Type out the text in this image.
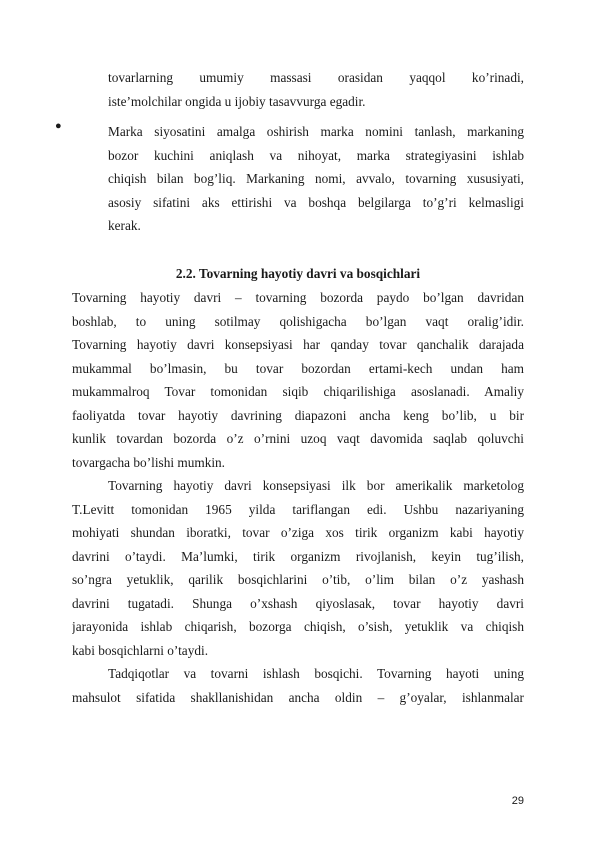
tovarlarning umumiy massasi orasidan yaqqol ko’rinadi,
iste’molchilar ongida u ijobiy tasavvurga egadir.
●	Marka siyosatini amalga oshirish marka nomini tanlash, markaning
bozor kuchini aniqlash va nihoyat, marka strategiyasini ishlab
chiqish bilan bog’liq. Markaning nomi, avvalo, tovarning xususiyati,
asosiy sifatini aks ettirishi va boshqa belgilarga to’g’ri kelmasligi
kerak.
2.2. Tovarning hayotiy davri va bosqichlari
Tovarning hayotiy davri – tovarning bozorda paydo bo’lgan davridan
boshlab, to uning sotilmay qolishigacha bo’lgan vaqt oralig’idir.
Tovarning hayotiy davri konsepsiyasi har qanday tovar qanchalik darajada
mukammal bo’lmasin, bu tovar bozordan ertami-kech undan ham
mukammalroq Tovar tomonidan siqib chiqarilishiga asoslanadi. Amaliy
faoliyatda tovar hayotiy davrining diapazoni ancha keng bo’lib, u bir
kunlik tovardan bozorda o’z o’rnini uzoq vaqt davomida saqlab qoluvchi
tovargacha bo’lishi mumkin.
Tovarning hayotiy davri konsepsiyasi ilk bor amerikalik marketolog
T.Levitt tomonidan 1965 yilda tariflangan edi. Ushbu nazariyaning
mohiyati shundan iboratki, tovar o’ziga xos tirik organizm kabi hayotiy
davrini o’taydi. Ma’lumki, tirik organizm rivojlanish, keyin tug’ilish,
so’ngra yetuklik, qarilik bosqichlarini o’tib, o’lim bilan o’z yashash
davrini tugatadi. Shunga o’xshash qiyoslasak, tovar hayotiy davri
jarayonida ishlab chiqarish, bozorga chiqish, o’sish, yetuklik va chiqish
kabi bosqichlarni o’taydi.
Tadqiqotlar va tovarni ishlash bosqichi. Tovarning hayoti uning
mahsulot sifatida shakllanishidan ancha oldin – g’oyalar, ishlanmalar
29
